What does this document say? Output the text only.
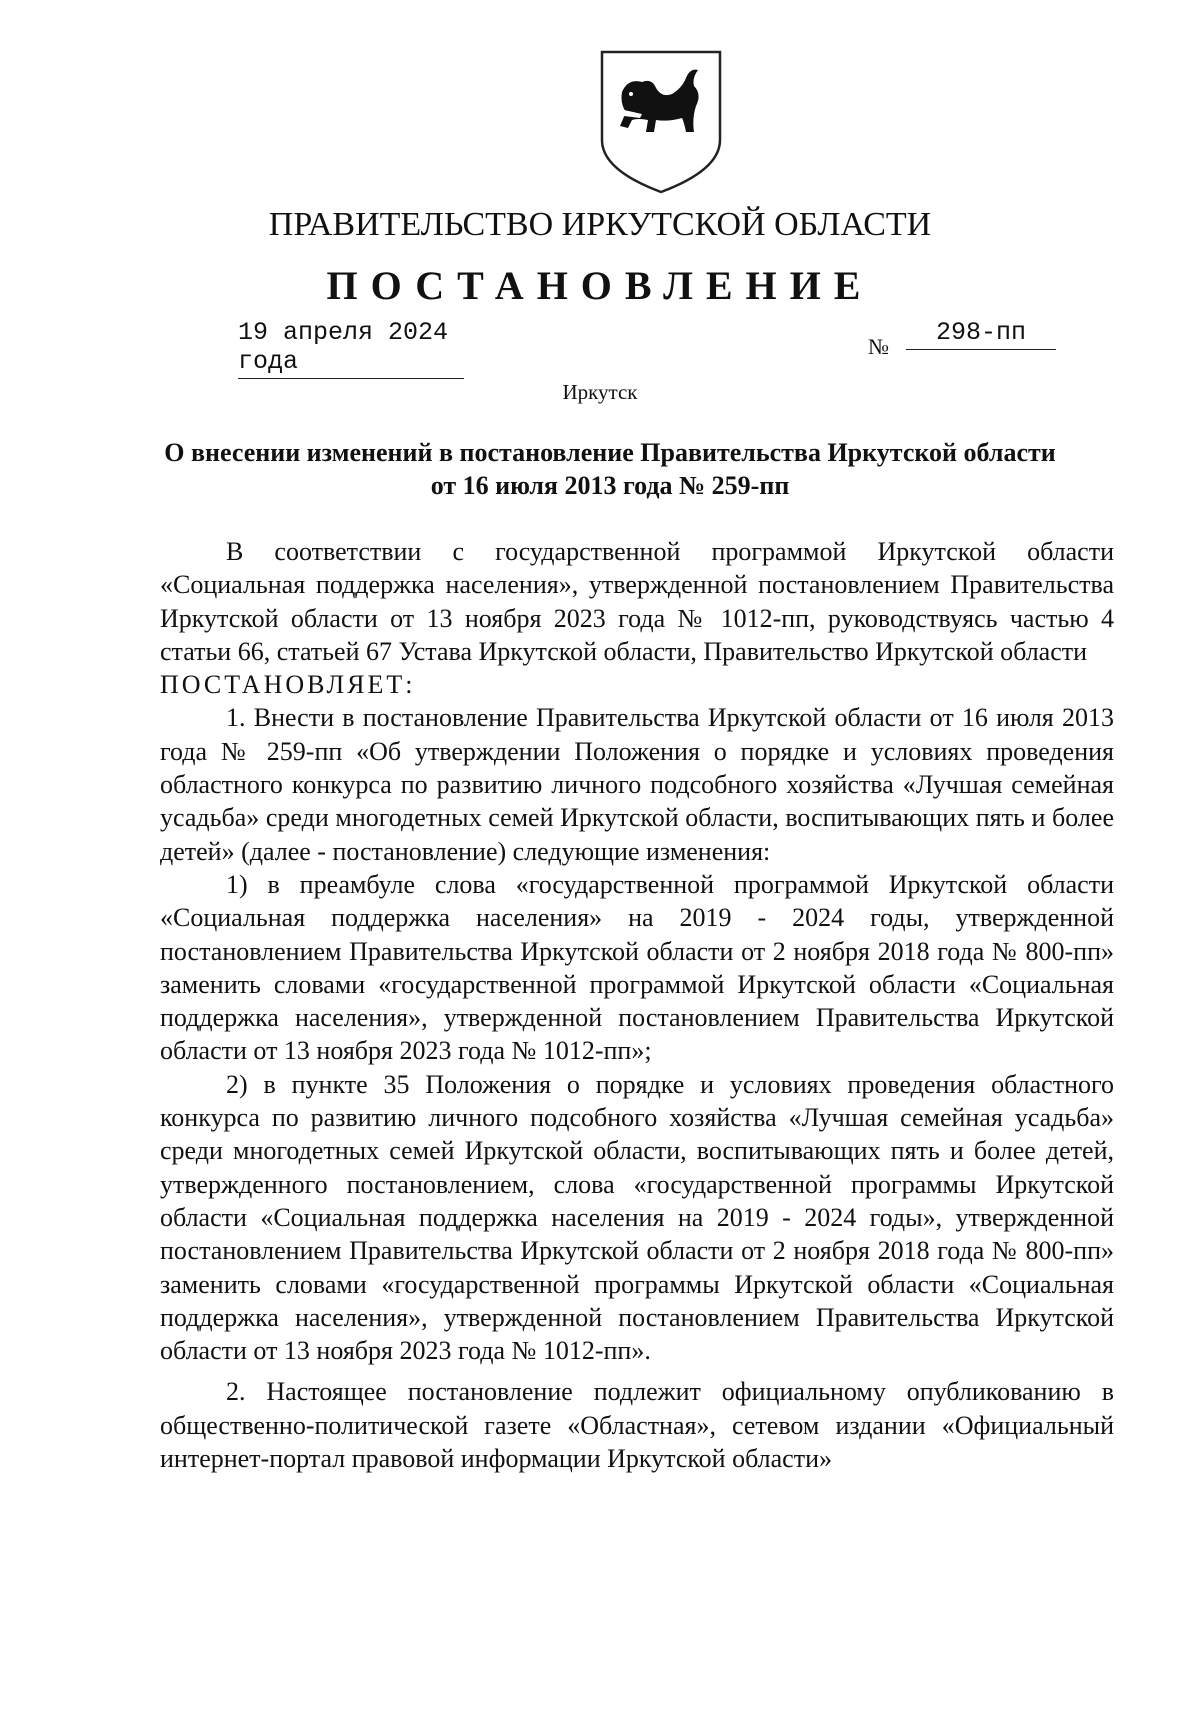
ПРАВИТЕЛЬСТВО ИРКУТСКОЙ ОБЛАСТИ
ПОСТАНОВЛЕНИЕ
19 апреля 2024 года
№	298-пп
Иркутск
О внесении изменений в постановление Правительства Иркутской области от 16 июля 2013 года № 259-пп

В соответствии с государственной программой Иркутской области «Социальная поддержка населения», утвержденной постановлением Правительства Иркутской области от 13 ноября 2023 года № 1012-пп, руководствуясь частью 4 статьи 66, статьей 67 Устава Иркутской области, Правительство Иркутской области

ПОСТАНОВЛЯЕТ:

1. Внести в постановление Правительства Иркутской области от 16 июля 2013 года № 259-пп «Об утверждении Положения о порядке и условиях проведения областного конкурса по развитию личного подсобного хозяйства «Лучшая семейная усадьба» среди многодетных семей Иркутской области, воспитывающих пять и более детей» (далее - постановление) следующие изменения:

1) в преамбуле слова «государственной программой Иркутской области «Социальная поддержка населения» на 2019 - 2024 годы, утвержденной постановлением Правительства Иркутской области от 2 ноября 2018 года № 800-пп» заменить словами «государственной программой Иркутской области «Социальная поддержка населения», утвержденной постановлением Правительства Иркутской области от 13 ноября 2023 года № 1012-пп»;

2) в пункте 35 Положения о порядке и условиях проведения областного конкурса по развитию личного подсобного хозяйства «Лучшая семейная усадьба» среди многодетных семей Иркутской области, воспитывающих пять и более детей, утвержденного постановлением, слова «государственной программы Иркутской области «Социальная поддержка населения на 2019 - 2024 годы», утвержденной постановлением Правительства Иркутской области от 2 ноября 2018 года № 800-пп» заменить словами «государственной программы Иркутской области «Социальная поддержка населения», утвержденной постановлением Правительства Иркутской области от 13 ноября 2023 года № 1012-пп».

2. Настоящее постановление подлежит официальному опубликованию в общественно-политической газете «Областная», сетевом издании «Официальный интернет-портал правовой информации Иркутской области»
